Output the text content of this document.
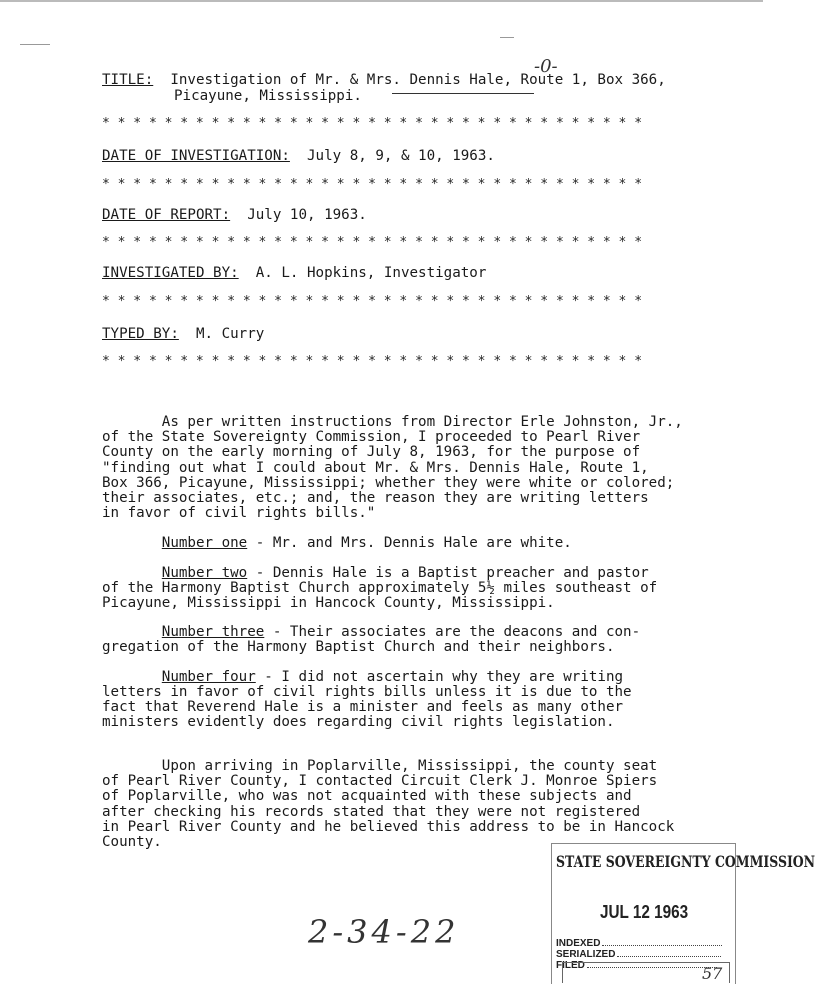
TITLE: Investigation of Mr. & Mrs. Dennis Hale, Route 1, Box 366,
Picayune, Mississippi.
-0-
* * * * * * * * * * * * * * * * * * * * * * * * * * * * * * * * * * *
DATE OF INVESTIGATION: July 8, 9, & 10, 1963.
* * * * * * * * * * * * * * * * * * * * * * * * * * * * * * * * * * *
DATE OF REPORT: July 10, 1963.
* * * * * * * * * * * * * * * * * * * * * * * * * * * * * * * * * * *
INVESTIGATED BY: A. L. Hopkins, Investigator
* * * * * * * * * * * * * * * * * * * * * * * * * * * * * * * * * * *
TYPED BY: M. Curry
* * * * * * * * * * * * * * * * * * * * * * * * * * * * * * * * * * *
As per written instructions from Director Erle Johnston, Jr.,
of the State Sovereignty Commission, I proceeded to Pearl River
County on the early morning of July 8, 1963, for the purpose of
"finding out what I could about Mr. & Mrs. Dennis Hale, Route 1,
Box 366, Picayune, Mississippi; whether they were white or colored;
their associates, etc.; and, the reason they are writing letters
in favor of civil rights bills."
Number one - Mr. and Mrs. Dennis Hale are white.
Number two - Dennis Hale is a Baptist preacher and pastor
of the Harmony Baptist Church approximately 5½ miles southeast of
Picayune, Mississippi in Hancock County, Mississippi.
Number three - Their associates are the deacons and con-
gregation of the Harmony Baptist Church and their neighbors.
Number four - I did not ascertain why they are writing
letters in favor of civil rights bills unless it is due to the
fact that Reverend Hale is a minister and feels as many other
ministers evidently does regarding civil rights legislation.
Upon arriving in Poplarville, Mississippi, the county seat
of Pearl River County, I contacted Circuit Clerk J. Monroe Spiers
of Poplarville, who was not acquainted with these subjects and
after checking his records stated that they were not registered
in Pearl River County and he believed this address to be in Hancock
County.
STATE SOVEREIGNTY COMMISSION
JUL 12 1963
INDEXED
SERIALIZED
FILED	57
2-34-22
